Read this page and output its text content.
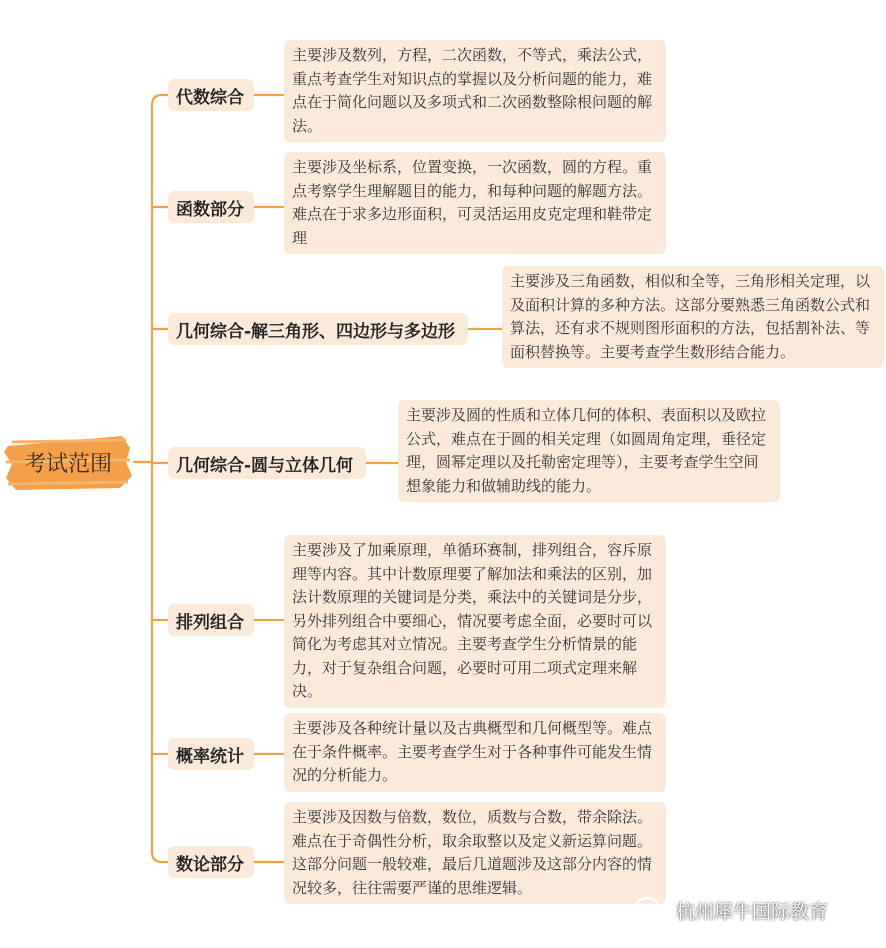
考试范围
代数综合
函数部分
几何综合-解三角形、四边形与多边形
几何综合-圆与立体几何
排列组合
概率统计
数论部分
主要涉及数列，方程，二次函数，不等式，乘法公式，重点考查学生对知识点的掌握以及分析问题的能力，难点在于简化问题以及多项式和二次函数整除根问题的解法。
主要涉及坐标系，位置变换，一次函数，圆的方程。重点考察学生理解题目的能力，和每种问题的解题方法。难点在于求多边形面积，可灵活运用皮克定理和鞋带定理
主要涉及三角函数，相似和全等，三角形相关定理，以及面积计算的多种方法。这部分要熟悉三角函数公式和算法，还有求不规则图形面积的方法，包括割补法、等面积替换等。主要考查学生数形结合能力。
主要涉及圆的性质和立体几何的体积、表面积以及欧拉公式，难点在于圆的相关定理（如圆周角定理，垂径定理，圆幂定理以及托勒密定理等），主要考查学生空间想象能力和做辅助线的能力。
主要涉及了加乘原理，单循环赛制，排列组合，容斥原理等内容。其中计数原理要了解加法和乘法的区别，加法计数原理的关键词是分类，乘法中的关键词是分步，另外排列组合中要细心，情况要考虑全面，必要时可以简化为考虑其对立情况。主要考查学生分析情景的能力，对于复杂组合问题，必要时可用二项式定理来解决。
主要涉及各种统计量以及古典概型和几何概型等。难点在于条件概率。主要考查学生对于各种事件可能发生情况的分析能力。
主要涉及因数与倍数，数位，质数与合数，带余除法。难点在于奇偶性分析，取余取整以及定义新运算问题。这部分问题一般较难，最后几道题涉及这部分内容的情况较多，往往需要严谨的思维逻辑。
杭州犀牛国际教育
